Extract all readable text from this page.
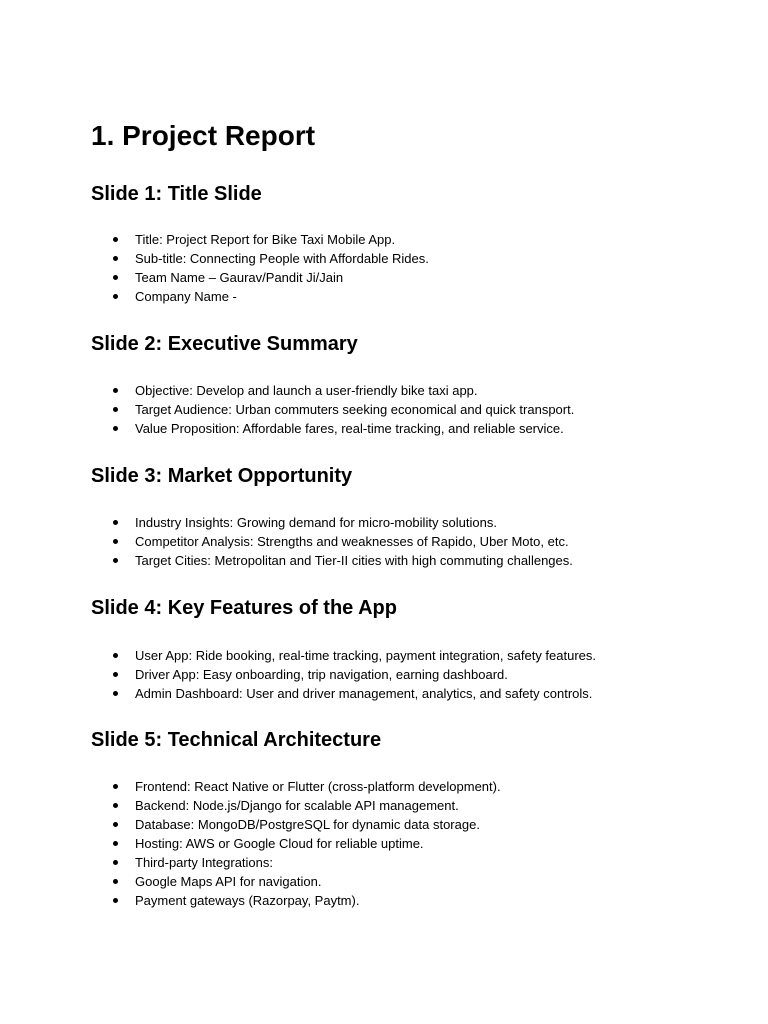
1. Project Report
Slide 1: Title Slide
Title: Project Report for Bike Taxi Mobile App.
Sub-title: Connecting People with Affordable Rides.
Team Name – Gaurav/Pandit Ji/Jain
Company Name -
Slide 2: Executive Summary
Objective: Develop and launch a user-friendly bike taxi app.
Target Audience: Urban commuters seeking economical and quick transport.
Value Proposition: Affordable fares, real-time tracking, and reliable service.
Slide 3: Market Opportunity
Industry Insights: Growing demand for micro-mobility solutions.
Competitor Analysis: Strengths and weaknesses of Rapido, Uber Moto, etc.
Target Cities: Metropolitan and Tier-II cities with high commuting challenges.
Slide 4: Key Features of the App
User App: Ride booking, real-time tracking, payment integration, safety features.
Driver App: Easy onboarding, trip navigation, earning dashboard.
Admin Dashboard: User and driver management, analytics, and safety controls.
Slide 5: Technical Architecture
Frontend: React Native or Flutter (cross-platform development).
Backend: Node.js/Django for scalable API management.
Database: MongoDB/PostgreSQL for dynamic data storage.
Hosting: AWS or Google Cloud for reliable uptime.
Third-party Integrations:
Google Maps API for navigation.
Payment gateways (Razorpay, Paytm).
